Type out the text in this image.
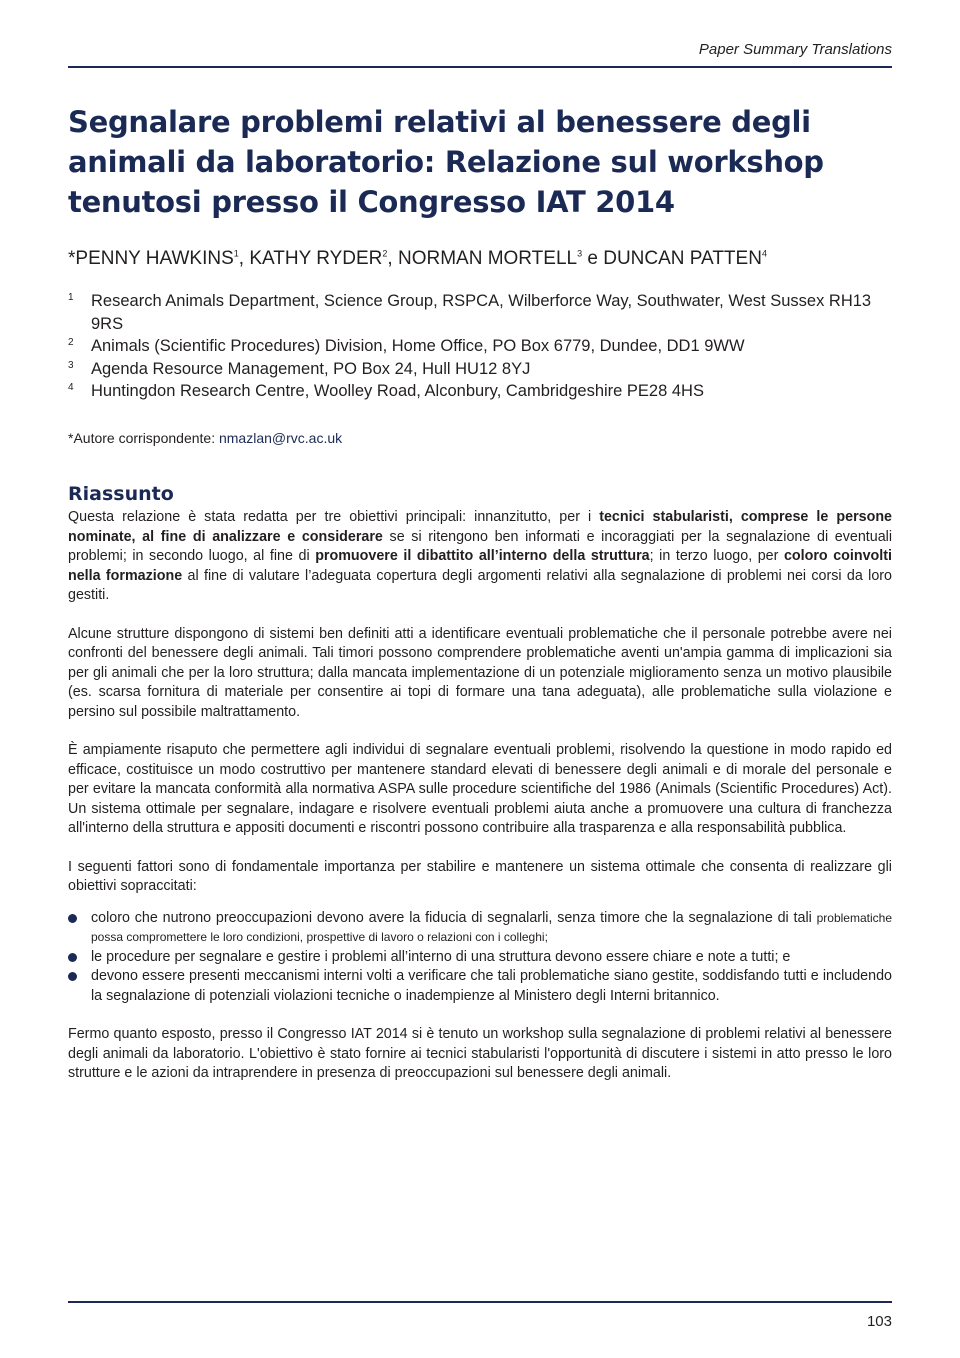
Paper Summary Translations
Segnalare problemi relativi al benessere degli animali da laboratorio: Relazione sul workshop tenutosi presso il Congresso IAT 2014
*PENNY HAWKINS$^1$, KATHY RYDER$^2$, NORMAN MORTELL$^3$ e DUNCAN PATTEN$^4$
1 Research Animals Department, Science Group, RSPCA, Wilberforce Way, Southwater, West Sussex RH13 9RS
2 Animals (Scientific Procedures) Division, Home Office, PO Box 6779, Dundee, DD1 9WW
3 Agenda Resource Management, PO Box 24, Hull HU12 8YJ
4 Huntingdon Research Centre, Woolley Road, Alconbury, Cambridgeshire PE28 4HS
*Autore corrispondente: nmazlan@rvc.ac.uk
Riassunto

Questa relazione è stata redatta per tre obiettivi principali: innanzitutto, per i tecnici stabularisti, comprese le persone nominate, al fine di analizzare e considerare se si ritengono ben informati e incoraggiati per la segnalazione di eventuali problemi; in secondo luogo, al fine di promuovere il dibattito all’interno della struttura; in terzo luogo, per coloro coinvolti nella formazione al fine di valutare l’adeguata copertura degli argomenti relativi alla segnalazione di problemi nei corsi da loro gestiti.

Alcune strutture dispongono di sistemi ben definiti atti a identificare eventuali problematiche che il personale potrebbe avere nei confronti del benessere degli animali. Tali timori possono comprendere problematiche aventi un'ampia gamma di implicazioni sia per gli animali che per la loro struttura; dalla mancata implementazione di un potenziale miglioramento senza un motivo plausibile (es. scarsa fornitura di materiale per consentire ai topi di formare una tana adeguata), alle problematiche sulla violazione e persino sul possibile maltrattamento.

È ampiamente risaputo che permettere agli individui di segnalare eventuali problemi, risolvendo la questione in modo rapido ed efficace, costituisce un modo costruttivo per mantenere standard elevati di benessere degli animali e di morale del personale e per evitare la mancata conformità alla normativa ASPA sulle procedure scientifiche del 1986 (Animals (Scientific Procedures) Act). Un sistema ottimale per segnalare, indagare e risolvere eventuali problemi aiuta anche a promuovere una cultura di franchezza all'interno della struttura e appositi documenti e riscontri possono contribuire alla trasparenza e alla responsabilità pubblica.

I seguenti fattori sono di fondamentale importanza per stabilire e mantenere un sistema ottimale che consenta di realizzare gli obiettivi sopraccitati:

coloro che nutrono preoccupazioni devono avere la fiducia di segnalarli, senza timore che la segnalazione di tali problematiche possa compromettere le loro condizioni, prospettive di lavoro o relazioni con i colleghi;
le procedure per segnalare e gestire i problemi all’interno di una struttura devono essere chiare e note a tutti; e
devono essere presenti meccanismi interni volti a verificare che tali problematiche siano gestite, soddisfando tutti e includendo la segnalazione di potenziali violazioni tecniche o inadempienze al Ministero degli Interni britannico.

Fermo quanto esposto, presso il Congresso IAT 2014 si è tenuto un workshop sulla segnalazione di problemi relativi al benessere degli animali da laboratorio. L'obiettivo è stato fornire ai tecnici stabularisti l'opportunità di discutere i sistemi in atto presso le loro strutture e le azioni da intraprendere in presenza di preoccupazioni sul benessere degli animali.

103
